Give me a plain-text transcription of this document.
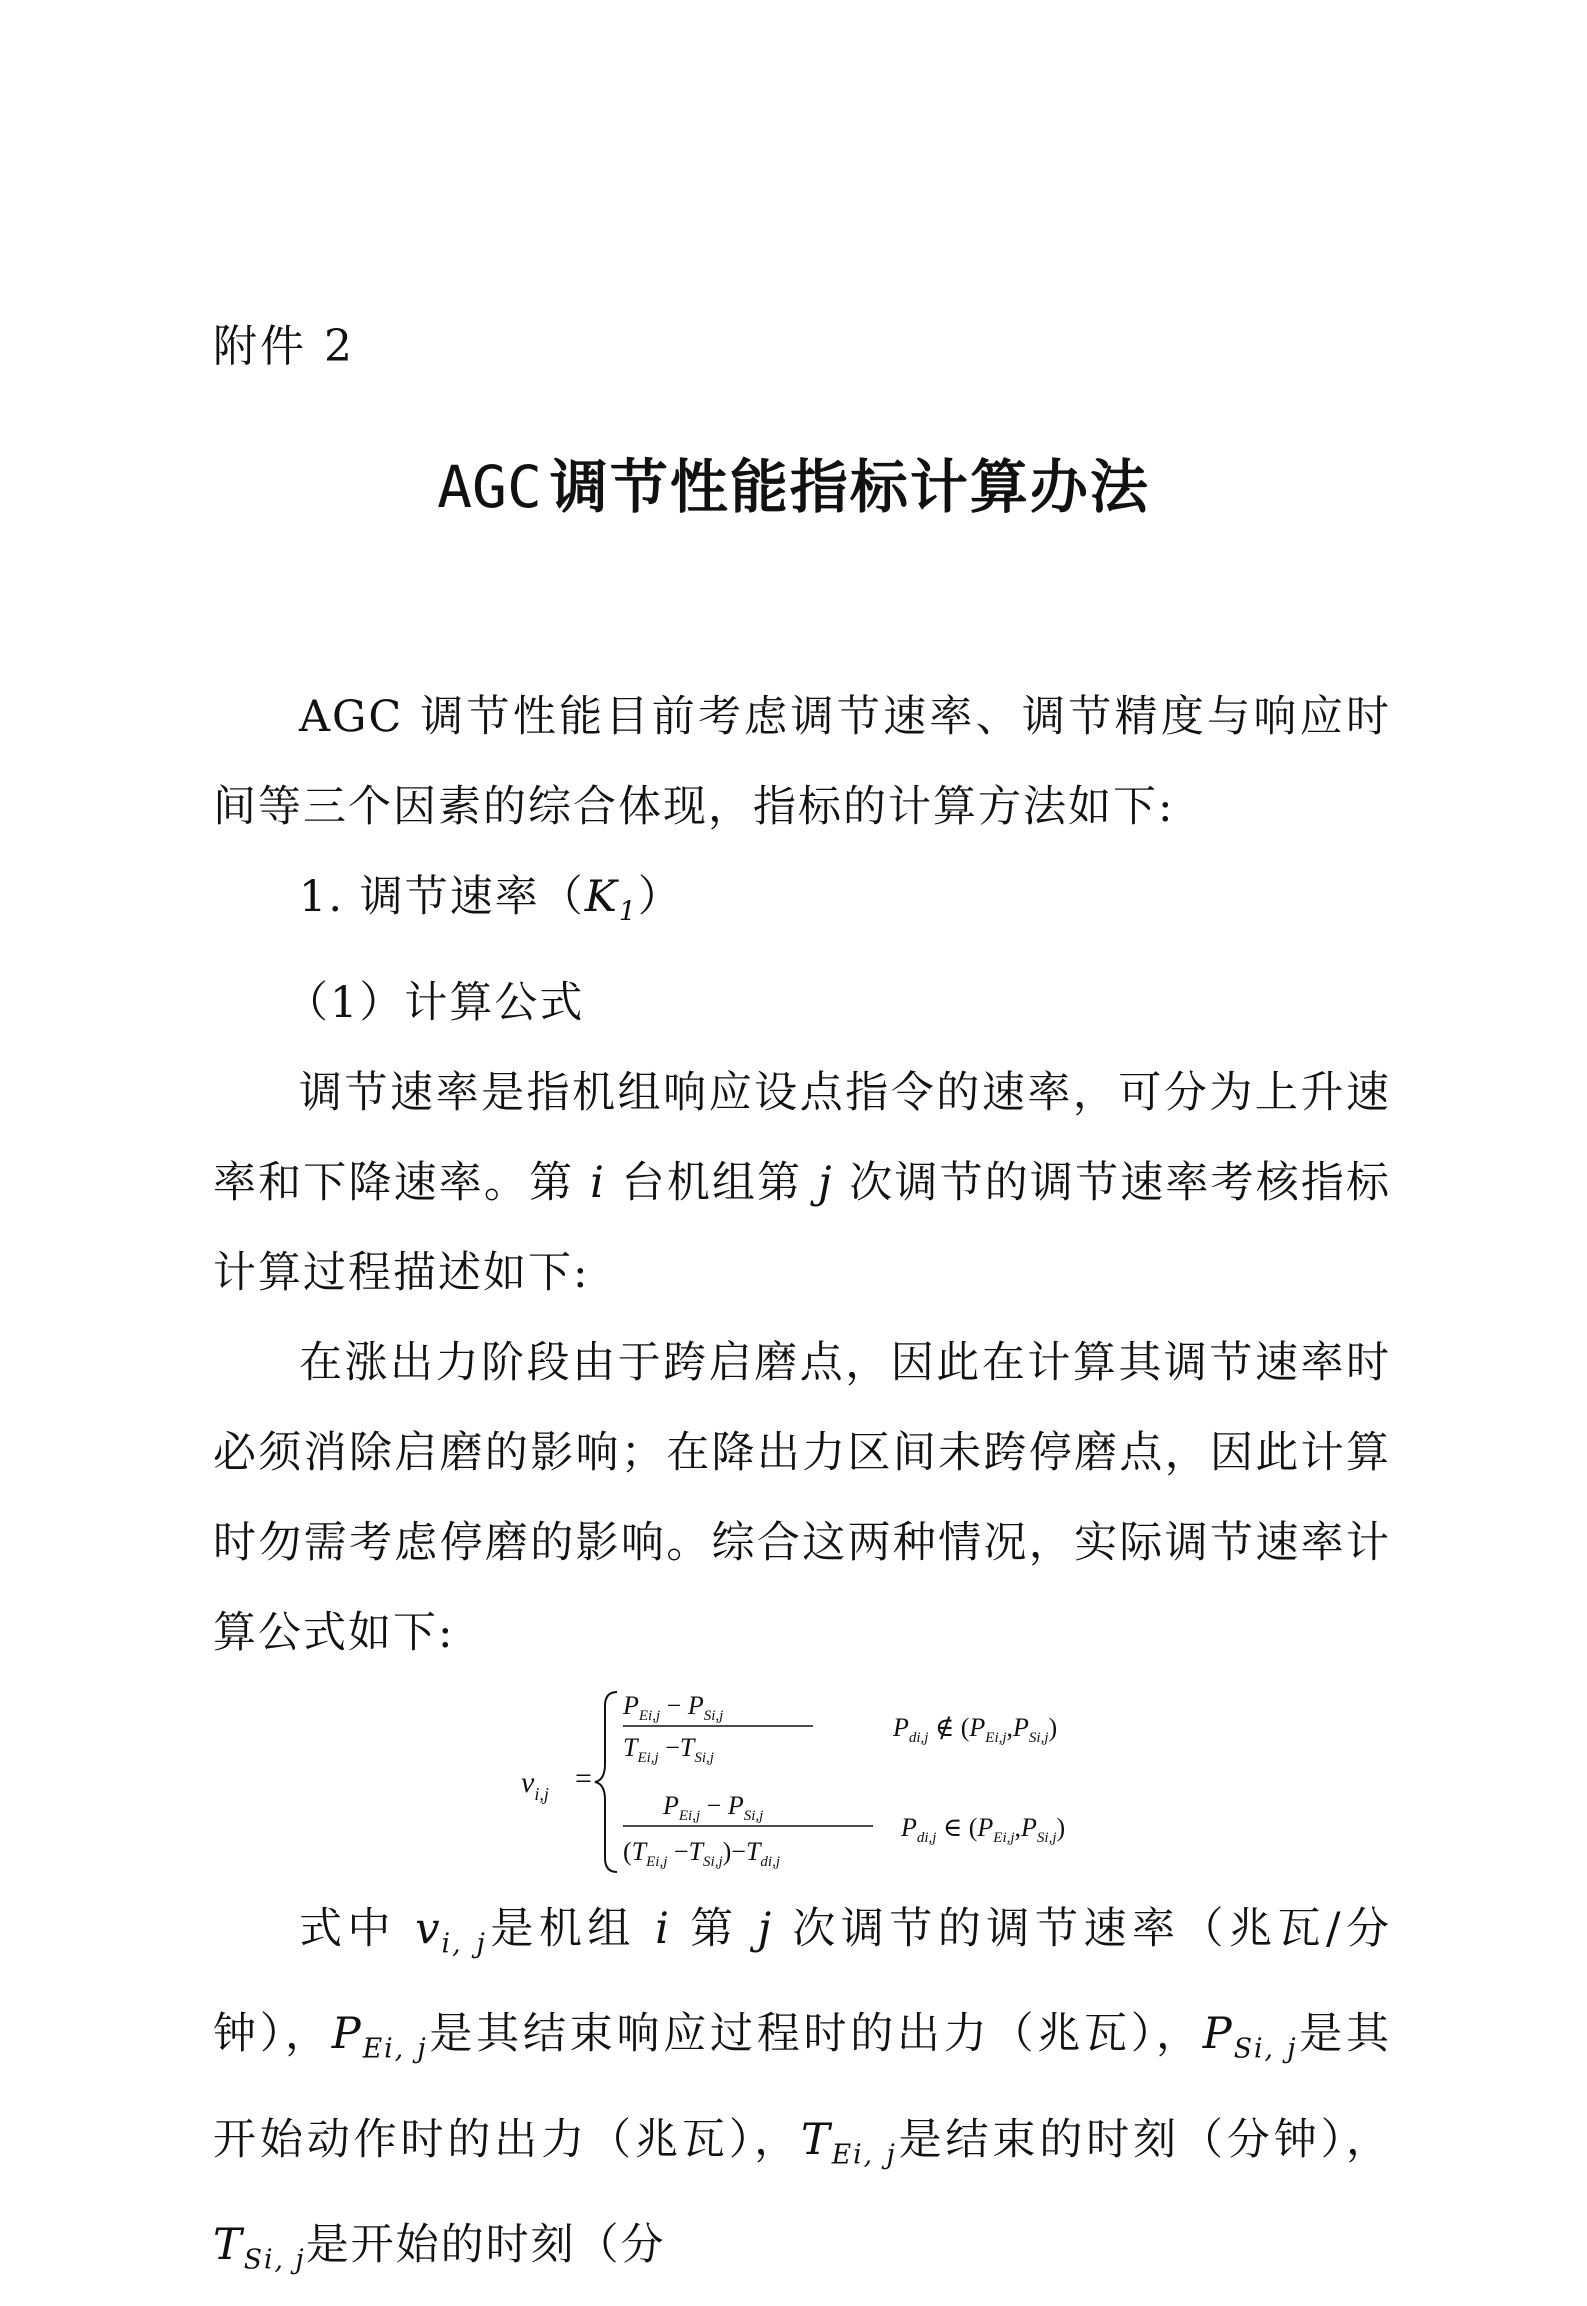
附件 2
AGC 调节性能指标计算办法

AGC 调节性能目前考虑调节速率、调节精度与响应时间等三个因素的综合体现，指标的计算方法如下:

1. 调节速率$(K_1)$

（1）计算公式

调节速率是指机组响应设点指令的速率，可分为上升速率和下降速率。第 i 台机组第 j 次调节的调节速率考核指标计算过程描述如下:

在涨出力阶段由于跨启磨点，因此在计算其调节速率时必须消除启磨的影响；在降出力区间未跨停磨点，因此计算时勿需考虑停磨的影响。综合这两种情况，实际调节速率计算公式如下:

$v_{i,j}$ =
$P_{Ei,j} - P_{Si,j}$
$T_{Ei,j} -T_{Si,j}$
$P_{di,j}$ ∉ $(P_{Ei,j},P_{Si,j})$
$P_{Ei,j} - P_{Si,j}$
$(T_{Ei,j} -T_{Si,j})-T_{di,j}$
$P_{di,j}$ ∈ $(P_{Ei,j},P_{Si,j})$

式中 $v_{i, j}$是机组 i 第 j 次调节的调节速率（兆瓦/分钟），$P_{Ei, j}$是其结束响应过程时的出力（兆瓦），$P_{Si, j}$是其开始动作时的出力（兆瓦），$T_{Ei, j}$是结束的时刻（分钟），$T_{Si, j}$是开始的时刻（分
